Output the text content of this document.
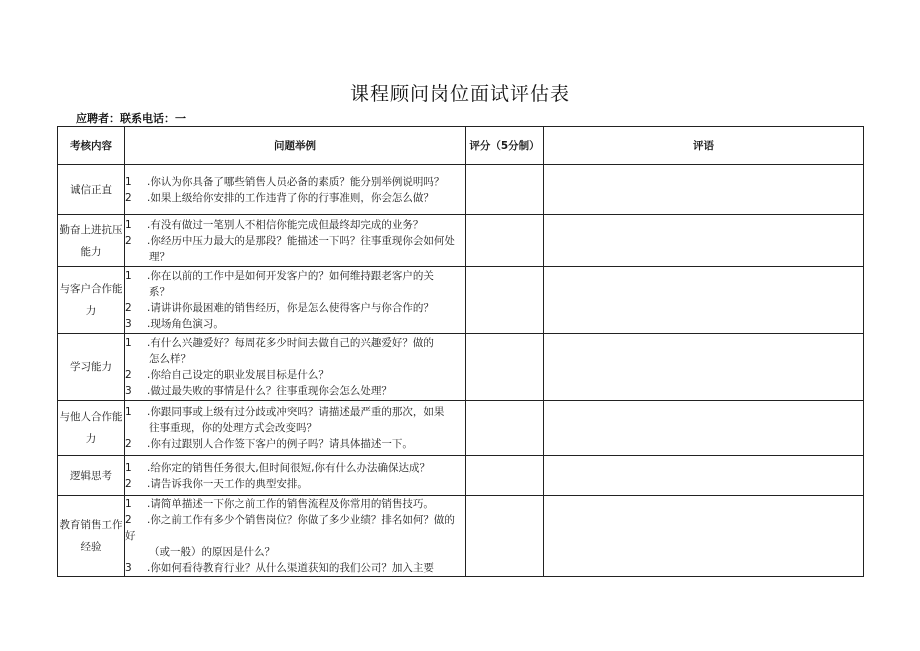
课程顾问岗位面试评估表
应聘者：联系电话：一
考核内容	问题举例	评分（5分制）	评语
诚信正直	1 .你认为你具备了哪些销售人员必备的素质？能分别举例说明吗？
2 .如果上级给你安排的工作违背了你的行事准则，你会怎么做？		

勤奋上进抗压能力	1 .有没有做过一笔别人不相信你能完成但最终却完成的业务？
2 .你经历中压力最大的是那段？能描述一下吗？往事重现你会如何处
理？		

与客户合作能力	1 .你在以前的工作中是如何开发客户的？如何维持跟老客户的关
系？
2 .请讲讲你最困难的销售经历，你是怎么使得客户与你合作的？
3 .现场角色演习。		

学习能力	1 .有什么兴趣爱好？每周花多少时间去做自己的兴趣爱好？做的
怎么样？
2 .你给自己设定的职业发展目标是什么？
3 .做过最失败的事情是什么？往事重现你会怎么处理？		

与他人合作能力	1 .你跟同事或上级有过分歧或冲突吗？请描述最严重的那次，如果
往事重现，你的处理方式会改变吗？
2 .你有过跟别人合作签下客户的例子吗？请具体描述一下。		

逻辑思考	1 .给你定的销售任务很大,但时间很短,你有什么办法确保达成？
2 .请告诉我你一天工作的典型安排。		

教育销售工作经验	1 .请简单描述一下你之前工作的销售流程及你常用的销售技巧。
2 .你之前工作有多少个销售岗位？你做了多少业绩？排名如何？做的好
（或一般）的原因是什么？
3 .你如何看待教育行业？从什么渠道获知的我们公司？加入主要		
